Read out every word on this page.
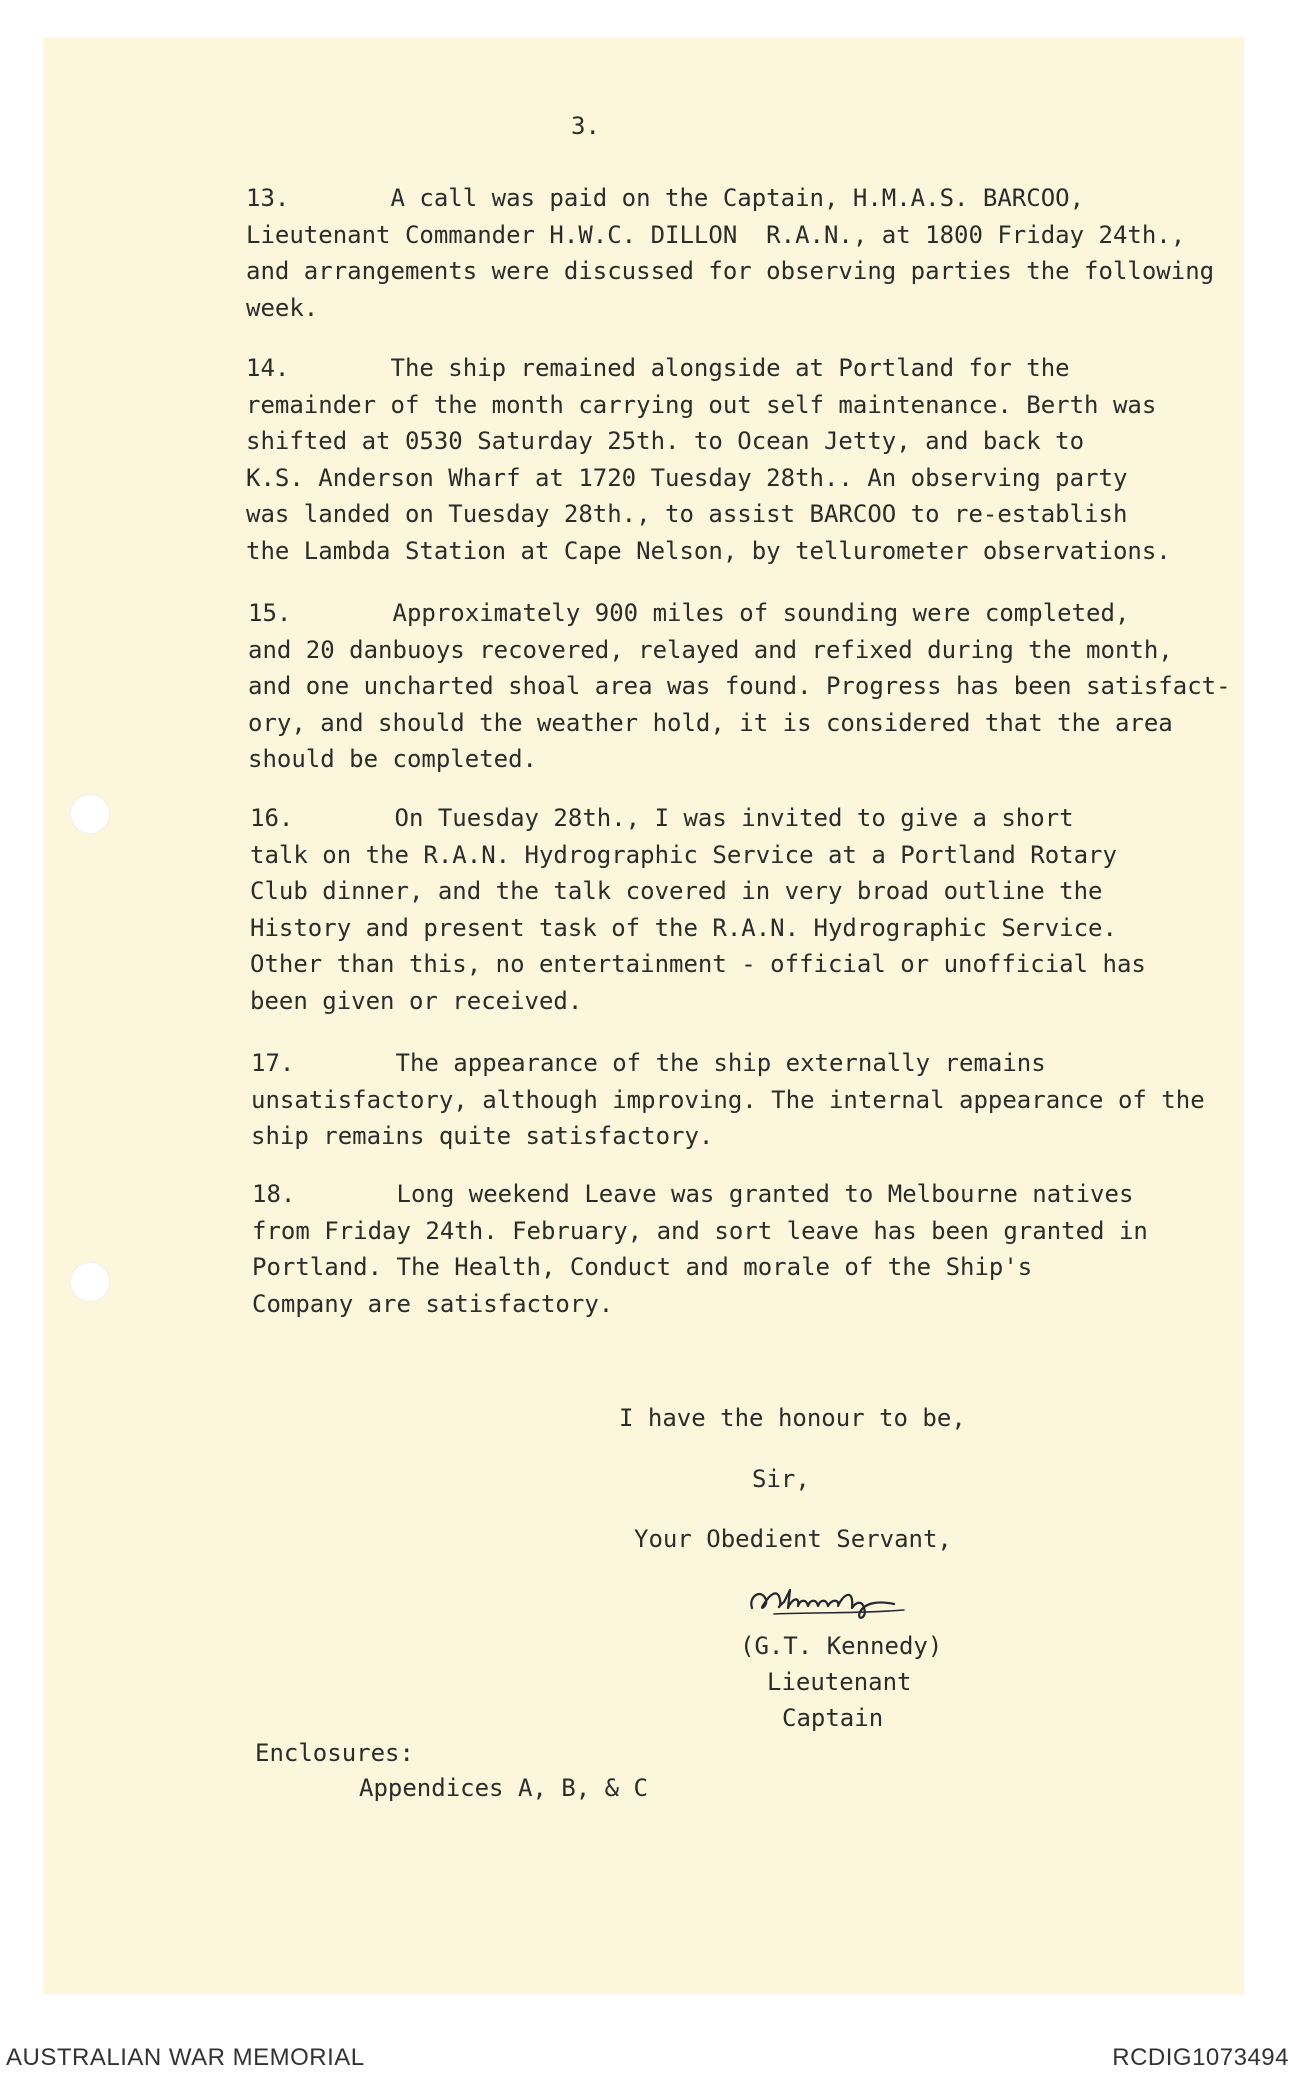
3.
13.       A call was paid on the Captain, H.M.A.S. BARCOO,
Lieutenant Commander H.W.C. DILLON  R.A.N., at 1800 Friday 24th.,
and arrangements were discussed for observing parties the following
week.
14.       The ship remained alongside at Portland for the
remainder of the month carrying out self maintenance. Berth was
shifted at 0530 Saturday 25th. to Ocean Jetty, and back to
K.S. Anderson Wharf at 1720 Tuesday 28th.. An observing party
was landed on Tuesday 28th., to assist BARCOO to re-establish
the Lambda Station at Cape Nelson, by tellurometer observations.
15.       Approximately 900 miles of sounding were completed,
and 20 danbuoys recovered, relayed and refixed during the month,
and one uncharted shoal area was found. Progress has been satisfact-
ory, and should the weather hold, it is considered that the area
should be completed.
16.       On Tuesday 28th., I was invited to give a short
talk on the R.A.N. Hydrographic Service at a Portland Rotary
Club dinner, and the talk covered in very broad outline the
History and present task of the R.A.N. Hydrographic Service.
Other than this, no entertainment - official or unofficial has
been given or received.
17.       The appearance of the ship externally remains
unsatisfactory, although improving. The internal appearance of the
ship remains quite satisfactory.
18.       Long weekend Leave was granted to Melbourne natives
from Friday 24th. February, and sort leave has been granted in
Portland. The Health, Conduct and morale of the Ship's
Company are satisfactory.
I have the honour to be,
Sir,
Your Obedient Servant,
(G.T. Kennedy)
Lieutenant
Captain
Enclosures:
Appendices A, B, & C
AUSTRALIAN WAR MEMORIAL	RCDIG1073494
